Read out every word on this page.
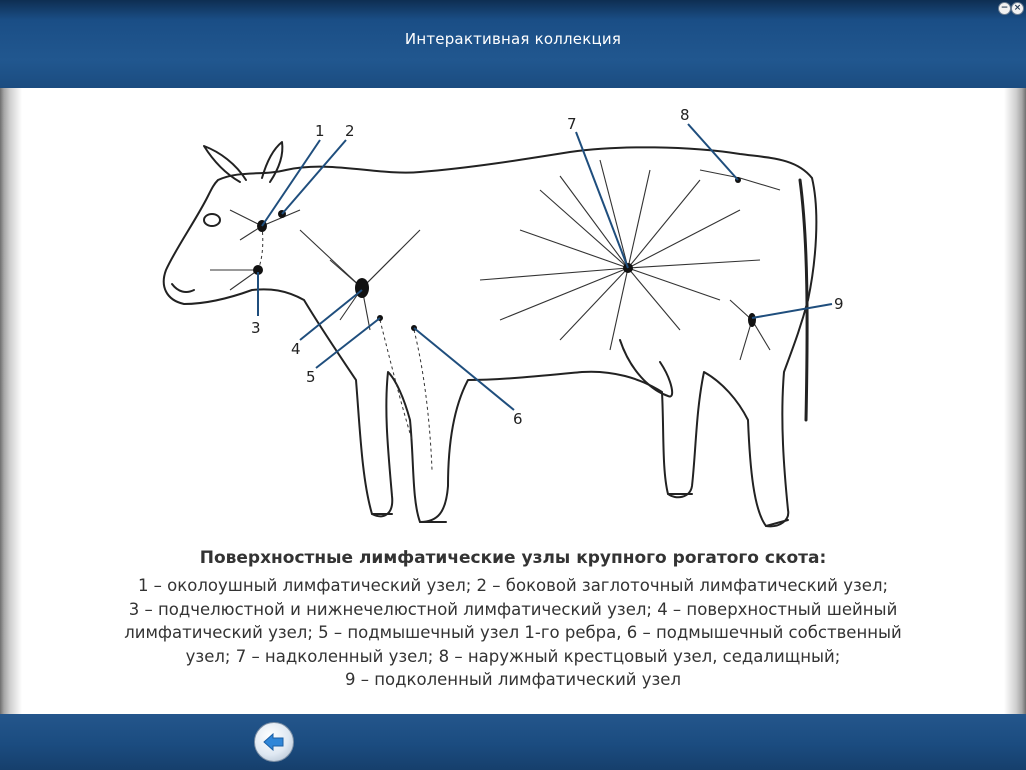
Интерактивная коллекция
− ×
1 2
3
4
5
6
7	8
9
Поверхностные лимфатические узлы крупного рогатого скота:
1 – околоушный лимфатический узел; 2 – боковой заглоточный лимфатический узел;
3 – подчелюстной и нижнечелюстной лимфатический узел; 4 – поверхностный шейный
лимфатический узел; 5 – подмышечный узел 1-го ребра, 6 – подмышечный собственный
узел; 7 – надколенный узел; 8 – наружный крестцовый узел, седалищный;
9 – подколенный лимфатический узел
